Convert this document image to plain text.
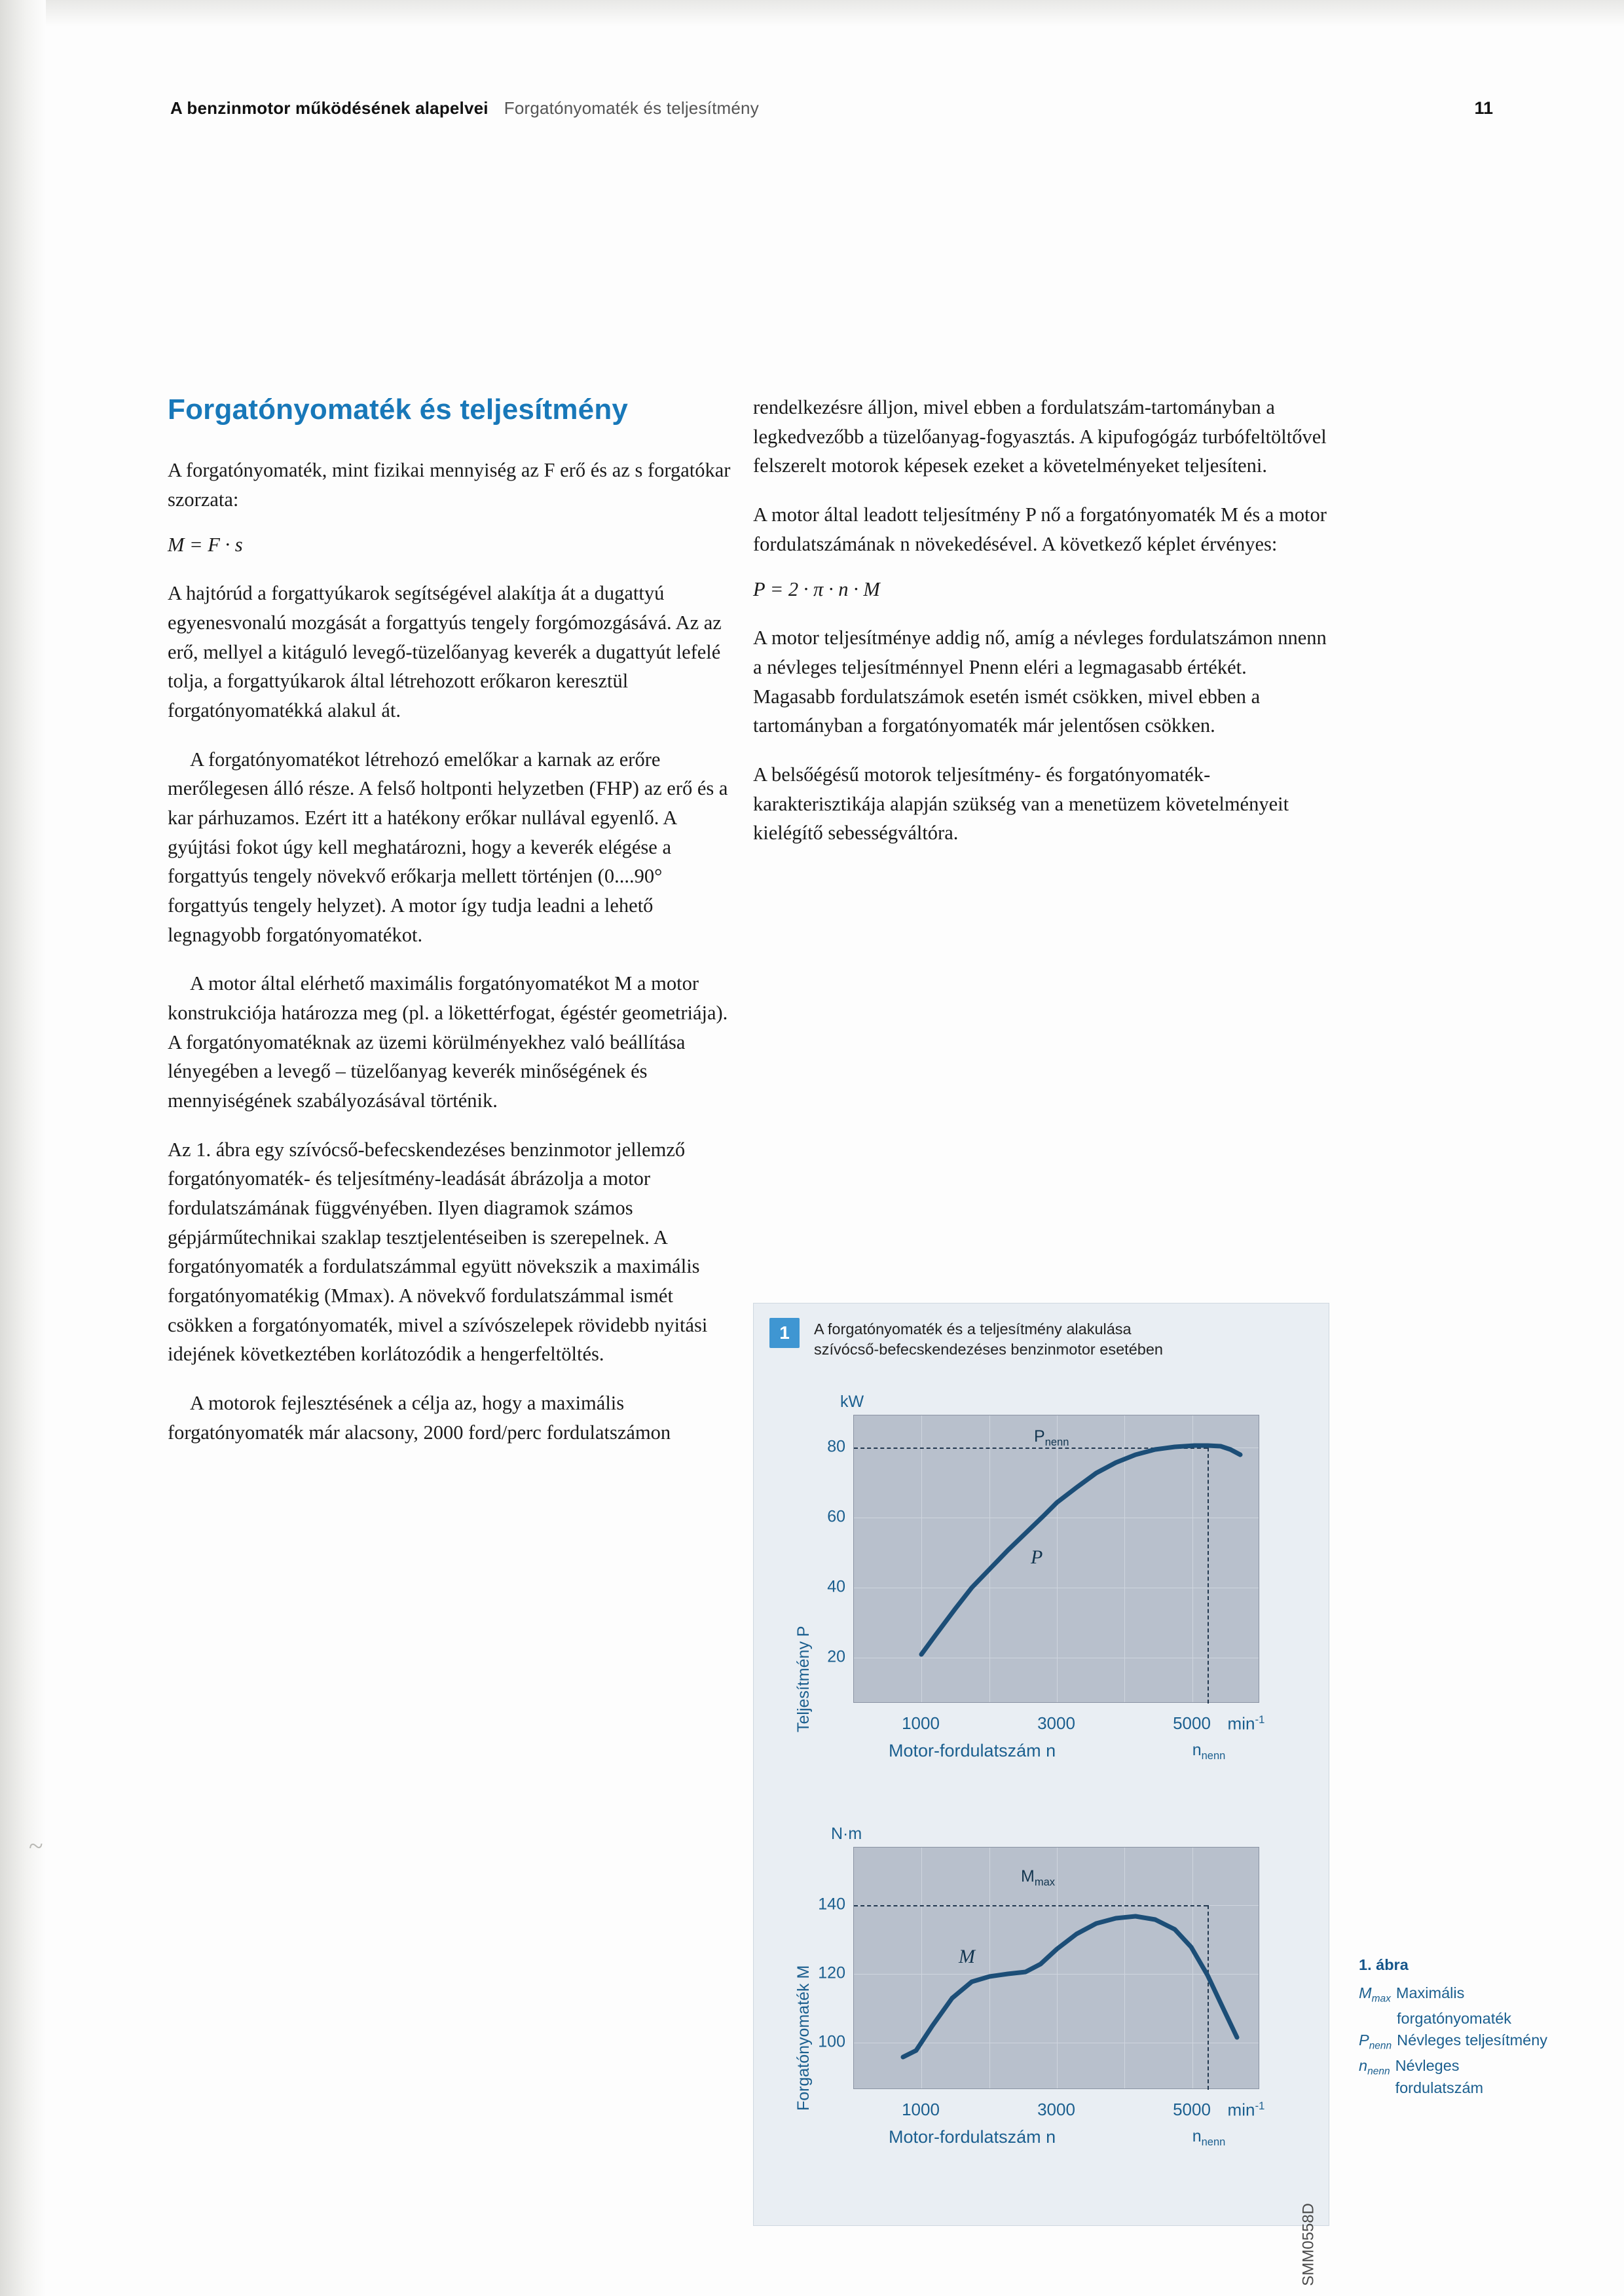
~
A benzinmotor működésének alapelvei Forgatónyomaték és teljesítmény	11
Forgatónyomaték és teljesítmény

A forgatónyomaték, mint fizikai mennyiség az F erő és az s forgatókar szorzata:

M = F · s

A hajtórúd a forgattyúkarok segítségével alakítja át a dugattyú egyenesvonalú mozgását a forgattyús tengely forgómozgásává. Az az erő, mellyel a kitáguló levegő-tüzelőanyag keverék a dugattyút lefelé tolja, a forgattyúkarok által létrehozott erőkaron keresztül forgatónyomatékká alakul át.

A forgatónyomatékot létrehozó emelőkar a karnak az erőre merőlegesen álló része. A felső holtponti helyzetben (FHP) az erő és a kar párhuzamos. Ezért itt a hatékony erőkar nullával egyenlő. A gyújtási fokot úgy kell meghatározni, hogy a keverék elégése a forgattyús tengely növekvő erőkarja mellett történjen (0....90° forgattyús tengely helyzet). A motor így tudja leadni a lehető legnagyobb forgatónyomatékot.

A motor által elérhető maximális forgatónyomatékot M a motor konstrukciója határozza meg (pl. a lökettérfogat, égéstér geometriája). A forgatónyomatéknak az üzemi körülményekhez való beállítása lényegében a levegő – tüzelőanyag keverék minőségének és mennyiségének szabályozásával történik.

Az 1. ábra egy szívócső-befecskendezéses benzinmotor jellemző forgatónyomaték- és teljesítmény-leadását ábrázolja a motor fordulatszámának függvényében. Ilyen diagramok számos gépjárműtechnikai szaklap tesztjelentéseiben is szerepelnek. A forgatónyomaték a fordulatszámmal együtt növekszik a maximális forgatónyomatékig (Mmax). A növekvő fordulatszámmal ismét csökken a forgatónyomaték, mivel a szívószelepek rövidebb nyitási idejének következtében korlátozódik a hengerfeltöltés.

A motorok fejlesztésének a célja az, hogy a maximális forgatónyomaték már alacsony, 2000 ford/perc fordulatszámon

rendelkezésre álljon, mivel ebben a fordulatszám-tartományban a legkedvezőbb a tüzelőanyag-fogyasztás. A kipufogógáz turbófeltöltővel felszerelt motorok képesek ezeket a követelményeket teljesíteni.

A motor által leadott teljesítmény P nő a forgatónyomaték M és a motor fordulatszámának n növekedésével. A következő képlet érvényes:

P = 2 · π · n · M

A motor teljesítménye addig nő, amíg a névleges fordulatszámon nnenn a névleges teljesítménnyel Pnenn eléri a legmagasabb értékét. Magasabb fordulatszámok esetén ismét csökken, mivel ebben a tartományban a forgatónyomaték már jelentősen csökken.

A belsőégésű motorok teljesítmény- és forgatónyomaték-karakterisztikája alapján szükség van a menetüzem követelményeit kielégítő sebességváltóra.

1	A forgatónyomaték és a teljesítmény alakulása
szívócső-befecskendezéses benzinmotor esetében
Teljesítmény P
kW
20
40
60
80
$P_{nenn}$
P
1000	3000	5000 $\min^{-1}$
Motor-fordulatszám n	$n_{nenn}$
Forgatónyomaték M
N·m
100
120
140
$M_{max}$
M
1000	3000	5000 $\min^{-1}$
Motor-fordulatszám n	$n_{nenn}$
SMM0558D
1. ábra
$M_{max}$ Maximális
forgatónyomaték
$P_{nenn}$ Névleges teljesítmény
$n_{nenn}$ Névleges fordulatszám
